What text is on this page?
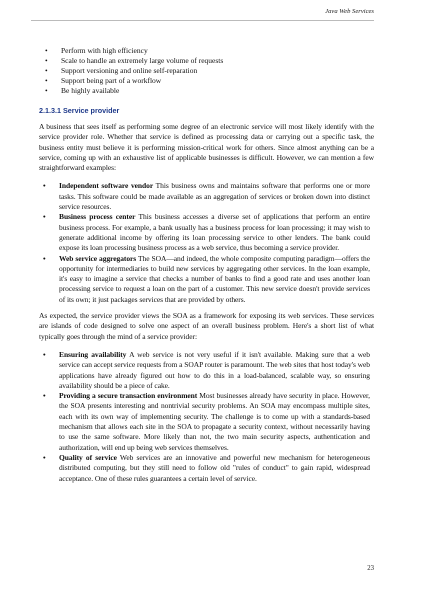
Java Web Services
• Perform with high efficiency
• Scale to handle an extremely large volume of requests
• Support versioning and online self-reparation
• Support being part of a workflow
• Be highly available
2.1.3.1 Service provider

A business that sees itself as performing some degree of an electronic service will most likely identify with the service provider role. Whether that service is defined as processing data or carrying out a specific task, the business entity must believe it is performing mission-critical work for others. Since almost anything can be a service, coming up with an exhaustive list of applicable businesses is difficult. However, we can mention a few straightforward examples:

• Independent software vendor This business owns and maintains software that performs one or more tasks. This software could be made available as an aggregation of services or broken down into distinct service resources.
• Business process center This business accesses a diverse set of applications that perform an entire business process. For example, a bank usually has a business process for loan processing; it may wish to generate additional income by offering its loan processing service to other lenders. The bank could expose its loan processing business process as a web service, thus becoming a service provider.
• Web service aggregators The SOA—and indeed, the whole composite computing paradigm—offers the opportunity for intermediaries to build new services by aggregating other services. In the loan example, it's easy to imagine a service that checks a number of banks to find a good rate and uses another loan processing service to request a loan on the part of a customer. This new service doesn't provide services of its own; it just packages services that are provided by others.

As expected, the service provider views the SOA as a framework for exposing its web services. These services are islands of code designed to solve one aspect of an overall business problem. Here's a short list of what typically goes through the mind of a service provider:

• Ensuring availability A web service is not very useful if it isn't available. Making sure that a web service can accept service requests from a SOAP router is paramount. The web sites that host today's web applications have already figured out how to do this in a load-balanced, scalable way, so ensuring availability should be a piece of cake.
• Providing a secure transaction environment Most businesses already have security in place. However, the SOA presents interesting and nontrivial security problems. An SOA may encompass multiple sites, each with its own way of implementing security. The challenge is to come up with a standards-based mechanism that allows each site in the SOA to propagate a security context, without necessarily having to use the same software. More likely than not, the two main security aspects, authentication and authorization, will end up being web services themselves.
• Quality of service Web services are an innovative and powerful new mechanism for heterogeneous distributed computing, but they still need to follow old "rules of conduct" to gain rapid, widespread acceptance. One of these rules guarantees a certain level of service.
23
